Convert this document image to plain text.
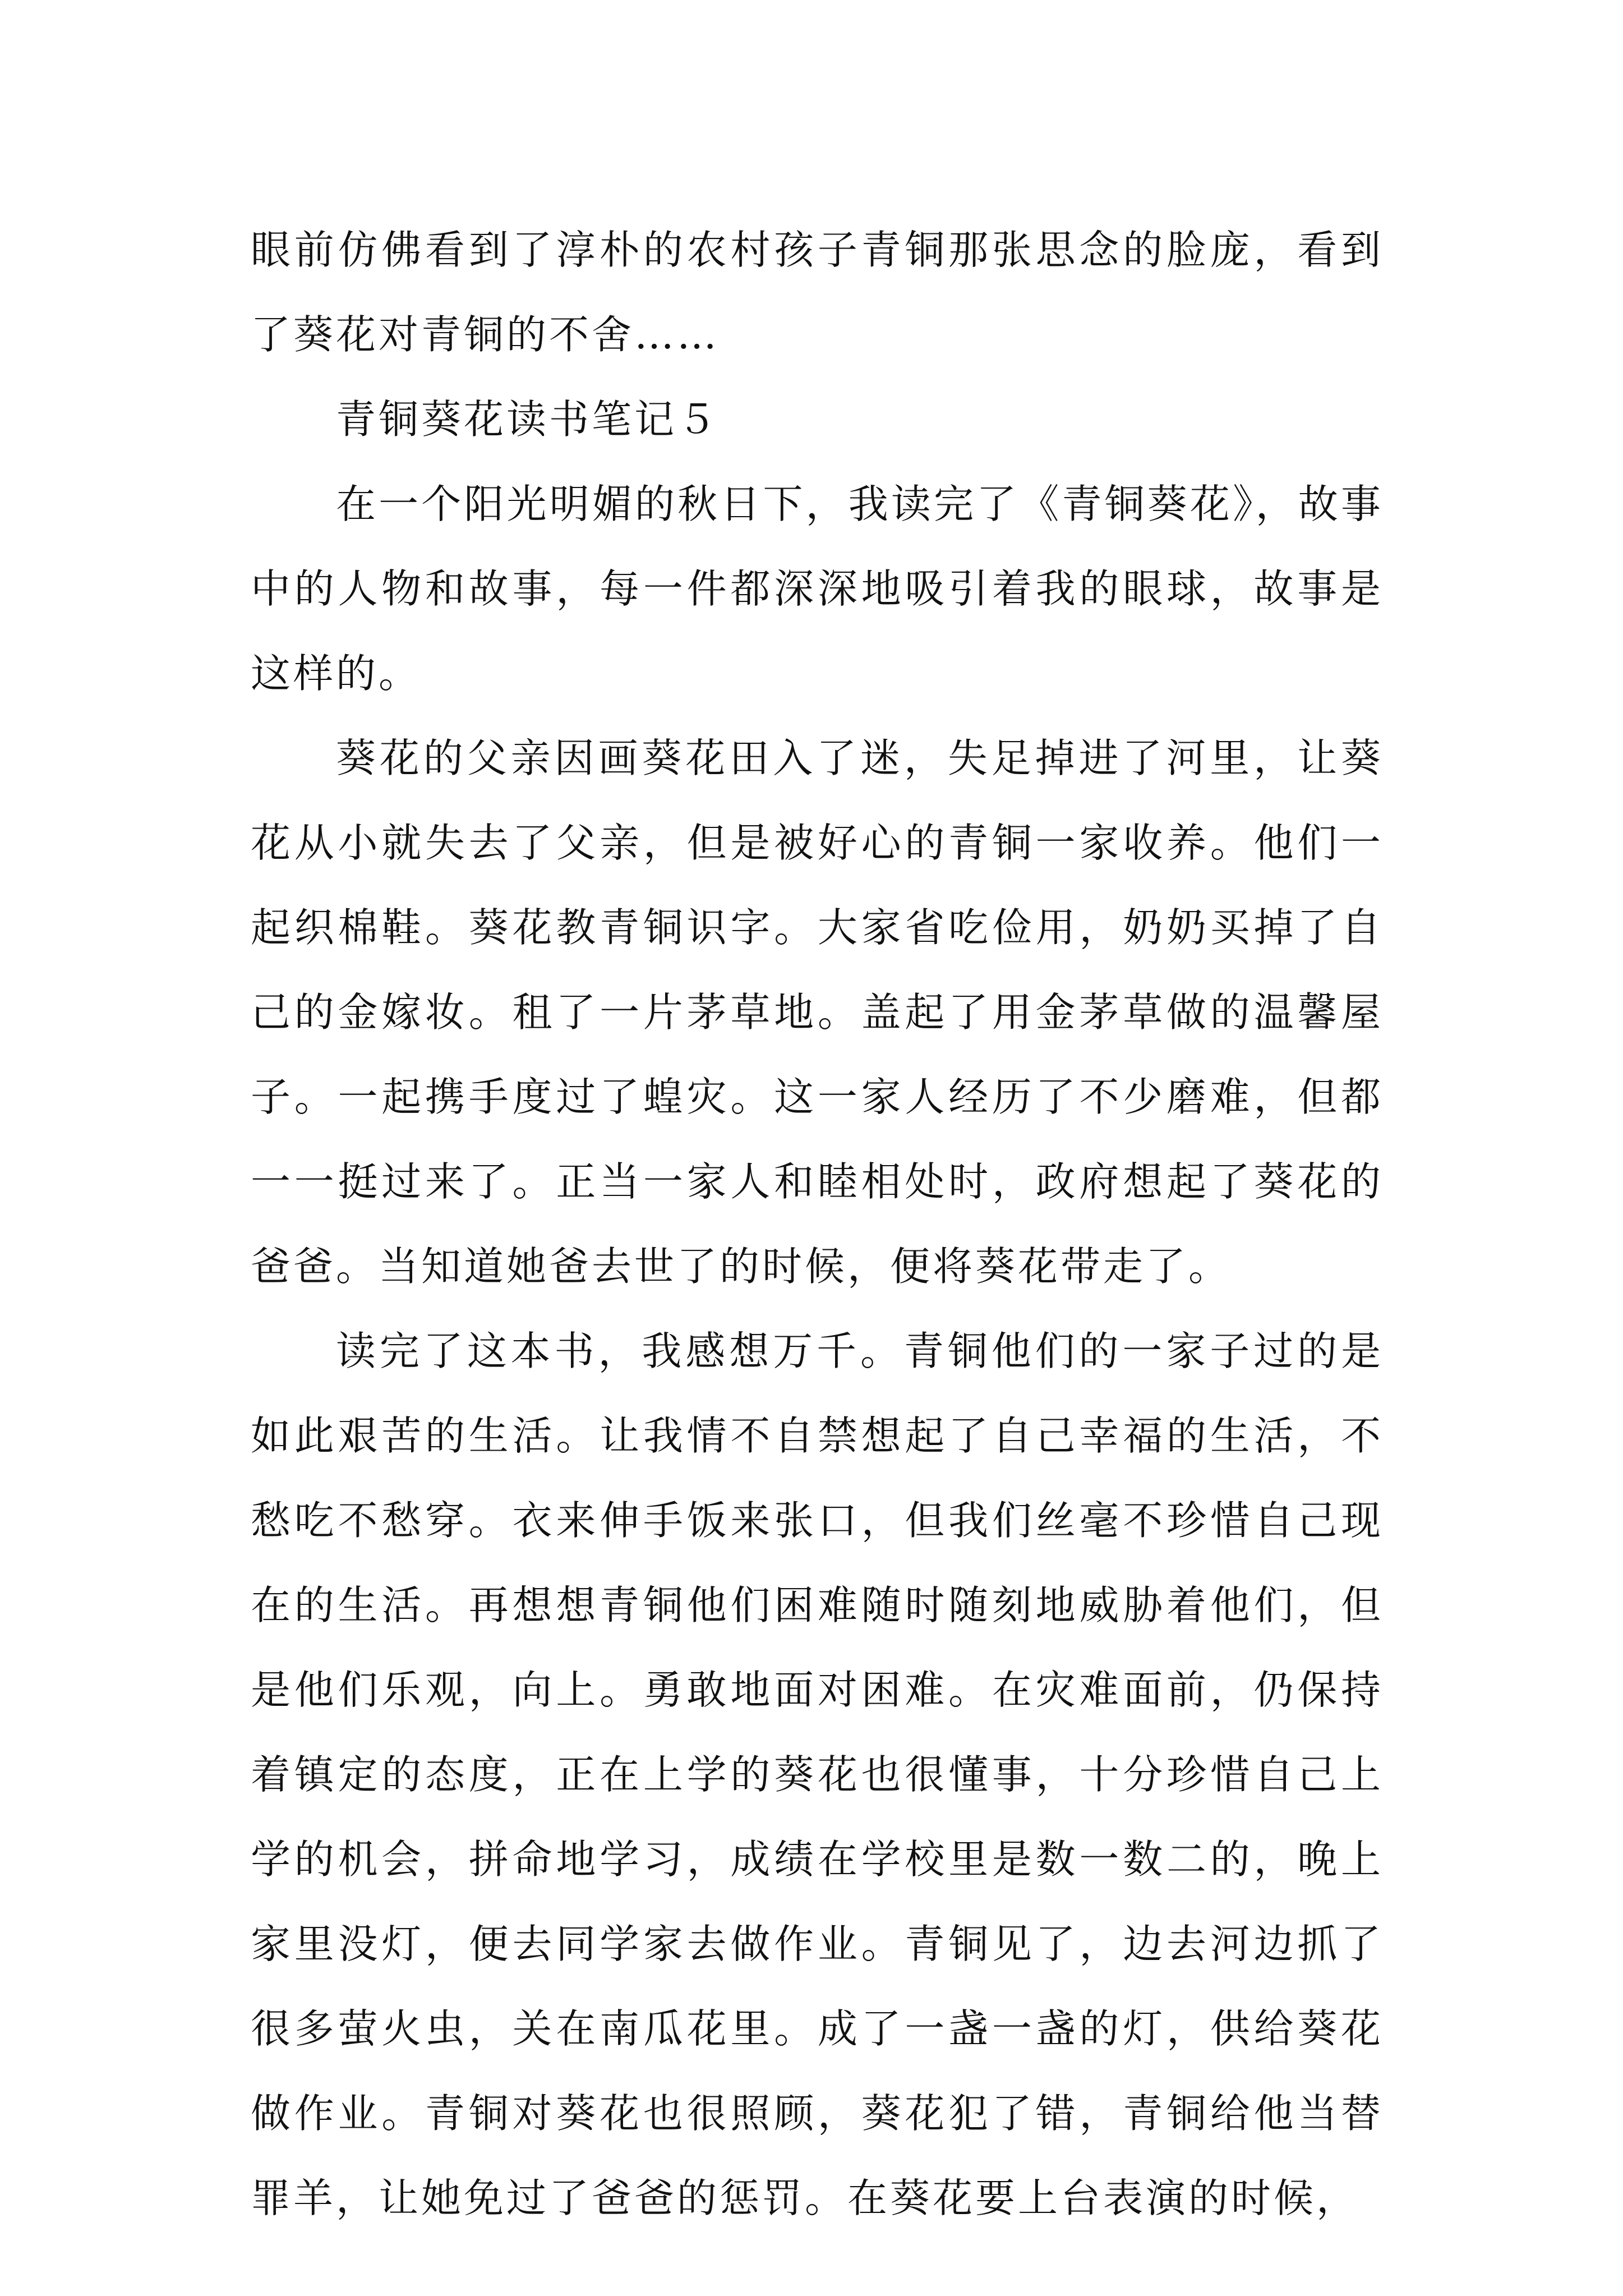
眼前仿佛看到了淳朴的农村孩子青铜那张思念的脸庞，看到了葵花对青铜的不舍……

青铜葵花读书笔记５

在一个阳光明媚的秋日下，我读完了《青铜葵花》，故事中的人物和故事，每一件都深深地吸引着我的眼球，故事是这样的。

葵花的父亲因画葵花田入了迷，失足掉进了河里，让葵花从小就失去了父亲，但是被好心的青铜一家收养。他们一起织棉鞋。葵花教青铜识字。大家省吃俭用，奶奶买掉了自己的金嫁妆。租了一片茅草地。盖起了用金茅草做的温馨屋子。一起携手度过了蝗灾。这一家人经历了不少磨难，但都一一挺过来了。正当一家人和睦相处时，政府想起了葵花的爸爸。当知道她爸去世了的时候，便将葵花带走了。

读完了这本书，我感想万千。青铜他们的一家子过的是如此艰苦的生活。让我情不自禁想起了自己幸福的生活，不愁吃不愁穿。衣来伸手饭来张口，但我们丝毫不珍惜自己现在的生活。再想想青铜他们困难随时随刻地威胁着他们，但是他们乐观，向上。勇敢地面对困难。在灾难面前，仍保持着镇定的态度，正在上学的葵花也很懂事，十分珍惜自己上学的机会，拼命地学习，成绩在学校里是数一数二的，晚上家里没灯，便去同学家去做作业。青铜见了，边去河边抓了很多萤火虫，关在南瓜花里。成了一盏一盏的灯，供给葵花做作业。青铜对葵花也很照顾，葵花犯了错，青铜给他当替罪羊，让她免过了爸爸的惩罚。在葵花要上台表演的时候，
